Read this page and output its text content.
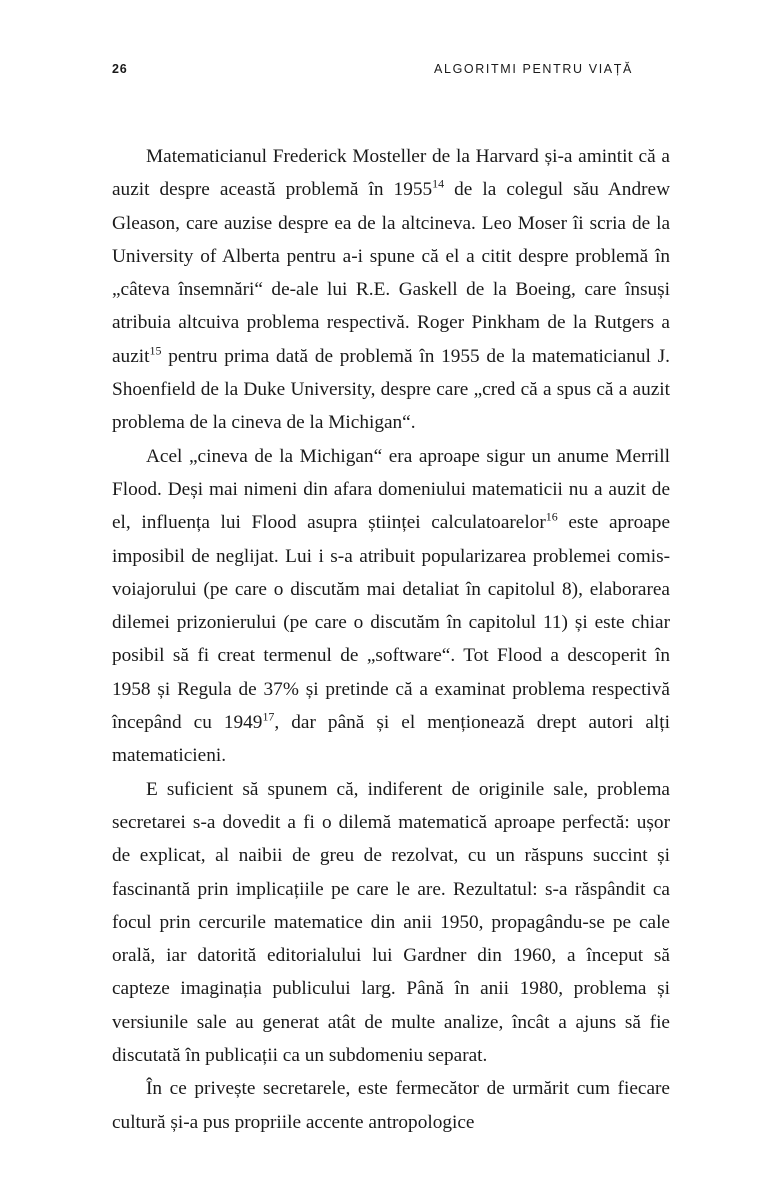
26	ALGORITMI PENTRU VIAȚĂ

Matematicianul Frederick Mosteller de la Harvard și-a amintit că a auzit despre această problemă în 1955$^{14}$ de la colegul său Andrew Gleason, care auzise despre ea de la altcineva. Leo Moser îi scria de la University of Alberta pentru a-i spune că el a citit despre problemă în „câteva însemnări“ de-ale lui R.E. Gaskell de la Boeing, care însuși atribuia altcuiva problema respectivă. Roger Pinkham de la Rutgers a auzit$^{15}$ pentru prima dată de problemă în 1955 de la matematicianul J. Shoenfield de la Duke University, despre care „cred că a spus că a auzit problema de la cineva de la Michigan“.

Acel „cineva de la Michigan“ era aproape sigur un anume Merrill Flood. Deși mai nimeni din afara domeniului matematicii nu a auzit de el, influența lui Flood asupra științei calculatoarelor$^{16}$ este aproape imposibil de neglijat. Lui i s-a atribuit popularizarea problemei comis-voiajorului (pe care o discutăm mai detaliat în capitolul 8), elaborarea dilemei prizonierului (pe care o discutăm în capitolul 11) și este chiar posibil să fi creat termenul de „software“. Tot Flood a descoperit în 1958 și Regula de 37% și pretinde că a examinat problema respectivă începând cu 1949$^{17}$, dar până și el menționează drept autori alți matematicieni.

E suficient să spunem că, indiferent de originile sale, problema secretarei s-a dovedit a fi o dilemă matematică aproape perfectă: ușor de explicat, al naibii de greu de rezolvat, cu un răspuns succint și fascinantă prin implicațiile pe care le are. Rezultatul: s-a răspândit ca focul prin cercurile matematice din anii 1950, propagându-se pe cale orală, iar datorită editorialului lui Gardner din 1960, a început să capteze imaginația publicului larg. Până în anii 1980, problema și versiunile sale au generat atât de multe analize, încât a ajuns să fie discutată în publicații ca un subdomeniu separat.

În ce privește secretarele, este fermecător de urmărit cum fiecare cultură și-a pus propriile accente antropologice
